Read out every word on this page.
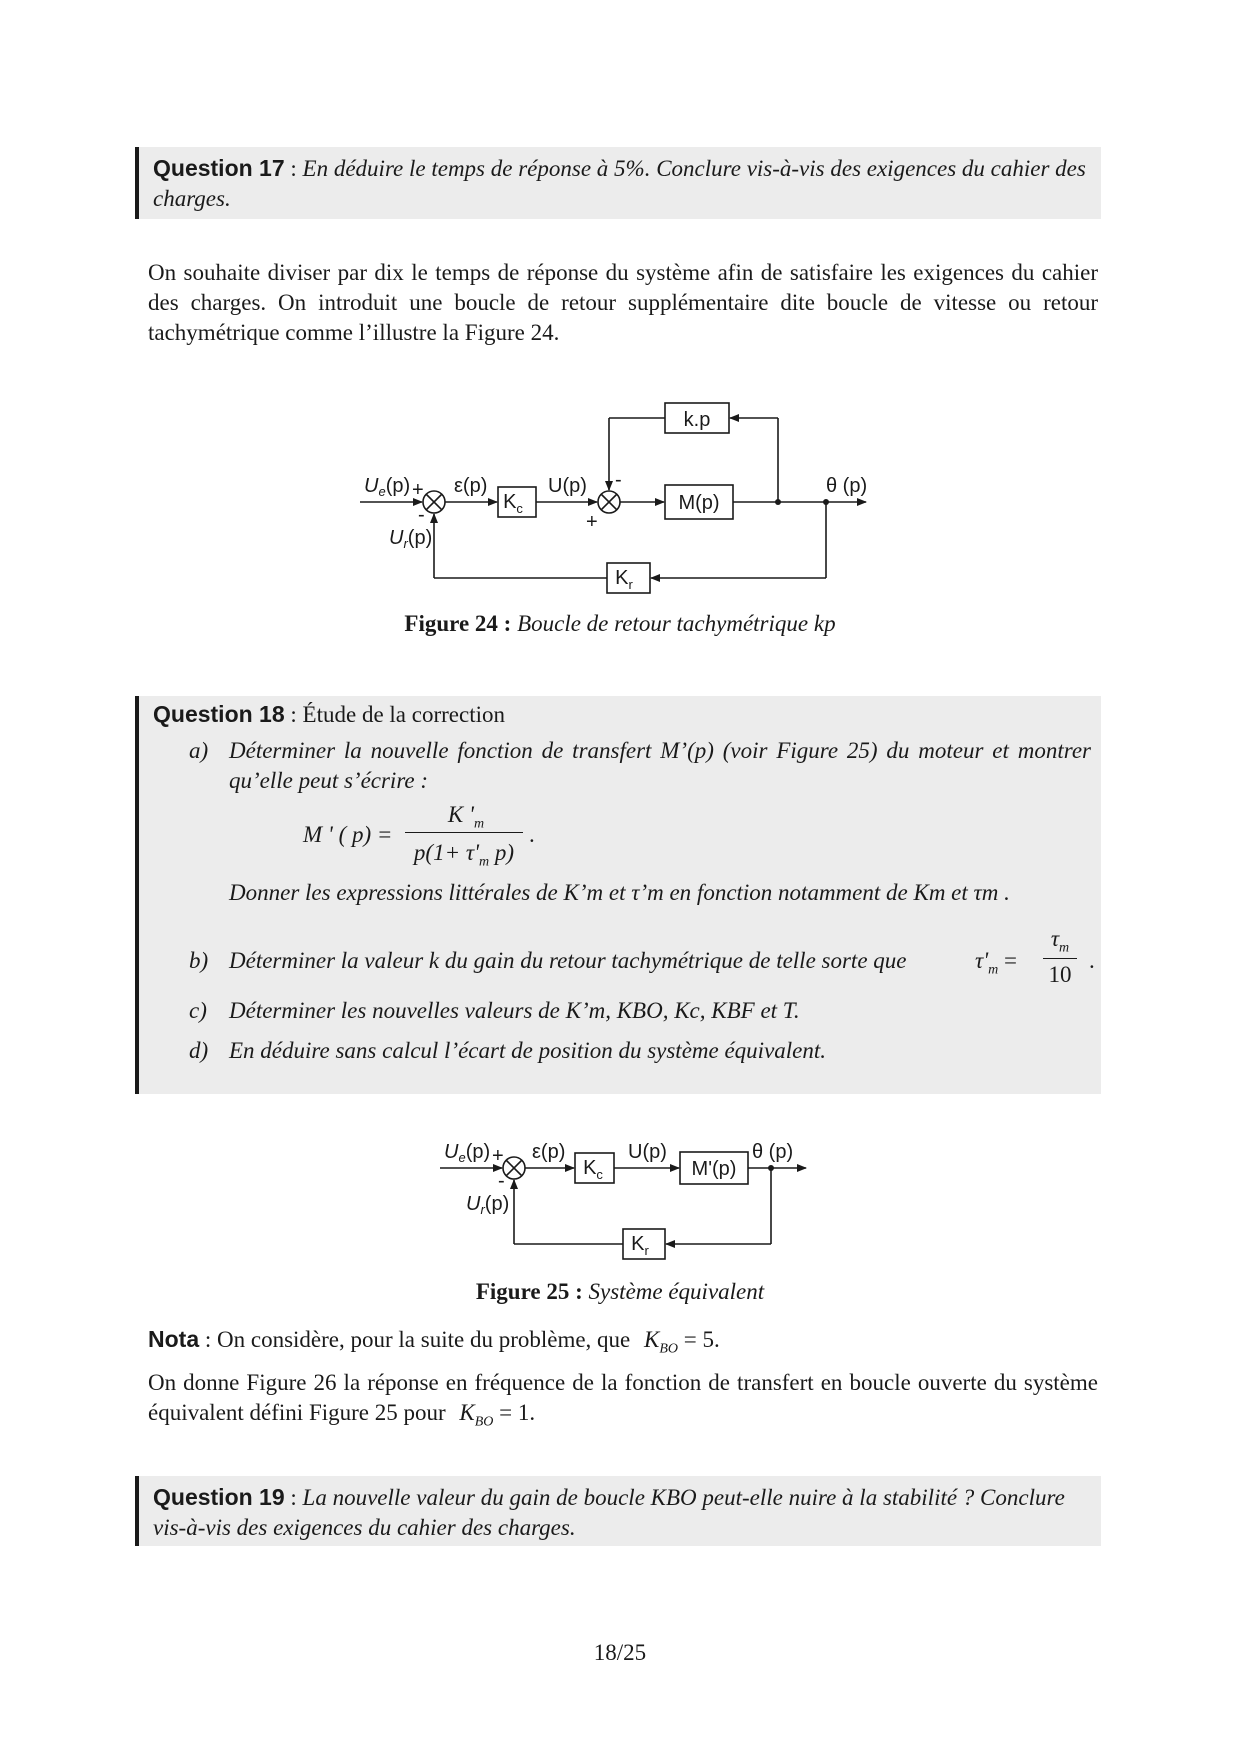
Question 17 : En déduire le temps de réponse à 5%. Conclure vis-à-vis des exigences du cahier des charges.
On souhaite diviser par dix le temps de réponse du système afin de satisfaire les exigences du cahier des charges. On introduit une boucle de retour supplémentaire dite boucle de vitesse ou retour tachymétrique comme l’illustre la Figure 24.
k.p
$K_c$	M(p)
$K_r$
$U_e(p)$ +
-
ε(p)	U(p) -
+
θ (p)
$U_r(p)$
Figure 24 : Boucle de retour tachymétrique kp
Question 18 : Étude de la correction
a) Déterminer la nouvelle fonction de transfert M’(p) (voir Figure 25) du moteur et montrer qu’elle peut s’écrire :
M ' ( p) =
K '$_m$
$p(1+ \tau'_m$ p)
.
Donner les expressions littérales de K’m et τ’m en fonction notamment de Km et τm .
b) Déterminer la valeur k du gain du retour tachymétrique de telle sorte que	$\tau'_m$ =
$\tau_m$
10
.
c) Déterminer les nouvelles valeurs de K’m, KBO, Kc, KBF et T.
d) En déduire sans calcul l’écart de position du système équivalent.
$K_c$	M'(p)
$K_r$
$U_e(p)$ +
-
ε(p)	U(p)	θ (p)
$U_r(p)$
Figure 25 : Système équivalent
Nota : On considère, pour la suite du problème, que $K_{BO} = 5$.
On donne Figure 26 la réponse en fréquence de la fonction de transfert en boucle ouverte du système équivalent défini Figure 25 pour $K_{BO} = 1$.
Question 19 : La nouvelle valeur du gain de boucle KBO peut-elle nuire à la stabilité ? Conclure vis-à-vis des exigences du cahier des charges.
18/25
